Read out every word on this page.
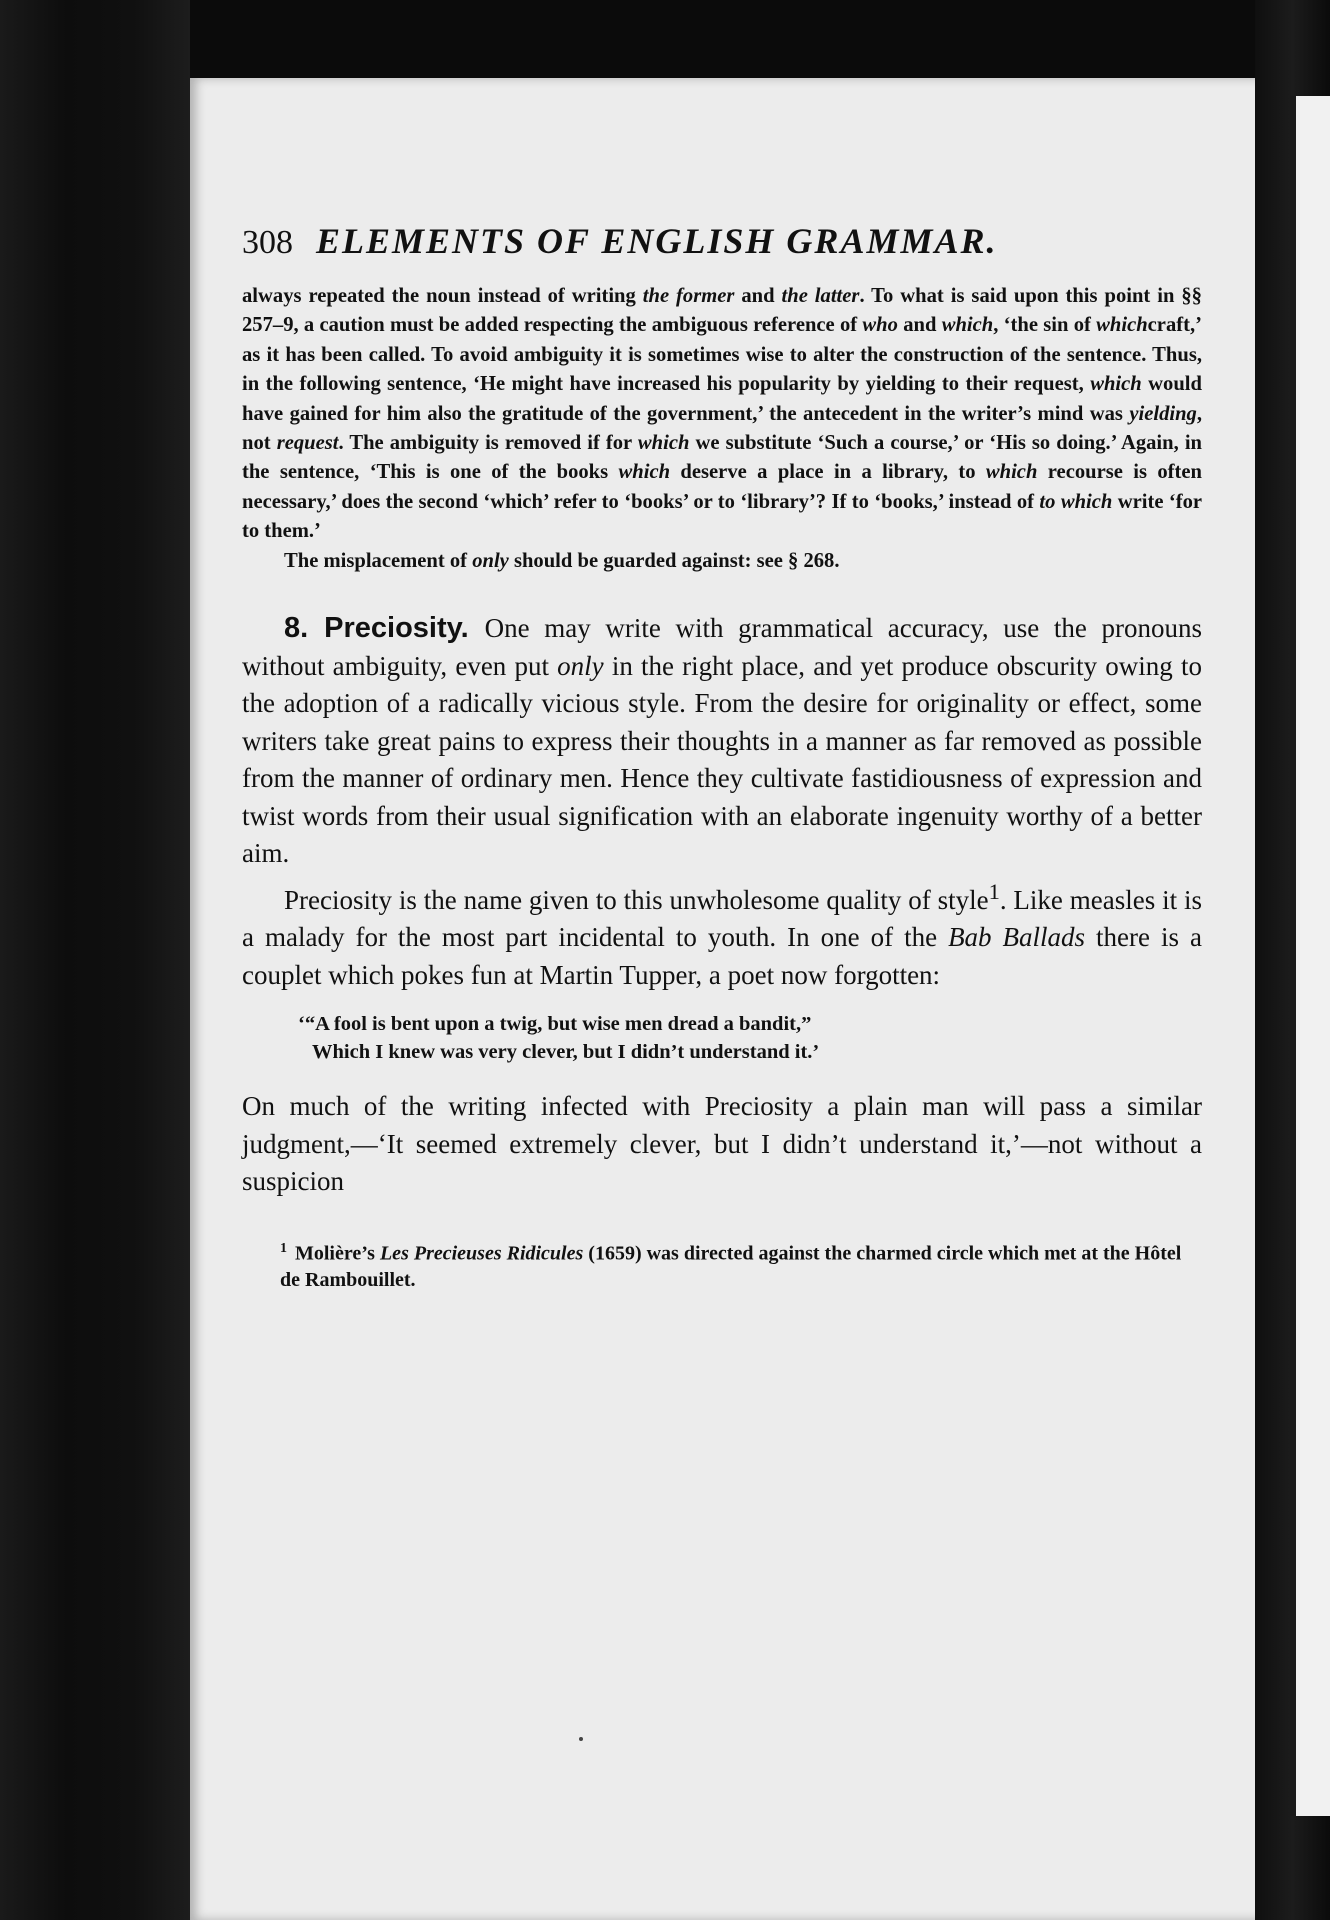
308 ELEMENTS OF ENGLISH GRAMMAR.

always repeated the noun instead of writing the former and the latter. To what is said upon this point in §§ 257–9, a caution must be added respecting the ambiguous reference of who and which, ‘the sin of whichcraft,’ as it has been called. To avoid ambiguity it is sometimes wise to alter the construction of the sentence. Thus, in the following sentence, ‘He might have increased his popularity by yielding to their request, which would have gained for him also the gratitude of the government,’ the antecedent in the writer’s mind was yielding, not request. The ambiguity is removed if for which we substitute ‘Such a course,’ or ‘His so doing.’ Again, in the sentence, ‘This is one of the books which deserve a place in a library, to which recourse is often necessary,’ does the second ‘which’ refer to ‘books’ or to ‘library’? If to ‘books,’ instead of to which write ‘for to them.’

The misplacement of only should be guarded against: see § 268.

8. Preciosity. One may write with grammatical accuracy, use the pronouns without ambiguity, even put only in the right place, and yet produce obscurity owing to the adoption of a radically vicious style. From the desire for originality or effect, some writers take great pains to express their thoughts in a manner as far removed as possible from the manner of ordinary men. Hence they cultivate fastidiousness of expression and twist words from their usual signification with an elaborate ingenuity worthy of a better aim.

Preciosity is the name given to this unwholesome quality of style$^1$. Like measles it is a malady for the most part incidental to youth. In one of the Bab Ballads there is a couplet which pokes fun at Martin Tupper, a poet now forgotten:

‘“A fool is bent upon a twig, but wise men dread a bandit,”
Which I knew was very clever, but I didn’t understand it.’

On much of the writing infected with Preciosity a plain man will pass a similar judgment,—‘It seemed extremely clever, but I didn’t understand it,’—not without a suspicion

$^1$ Molière’s Les Precieuses Ridicules (1659) was directed against the charmed circle which met at the Hôtel de Rambouillet.
